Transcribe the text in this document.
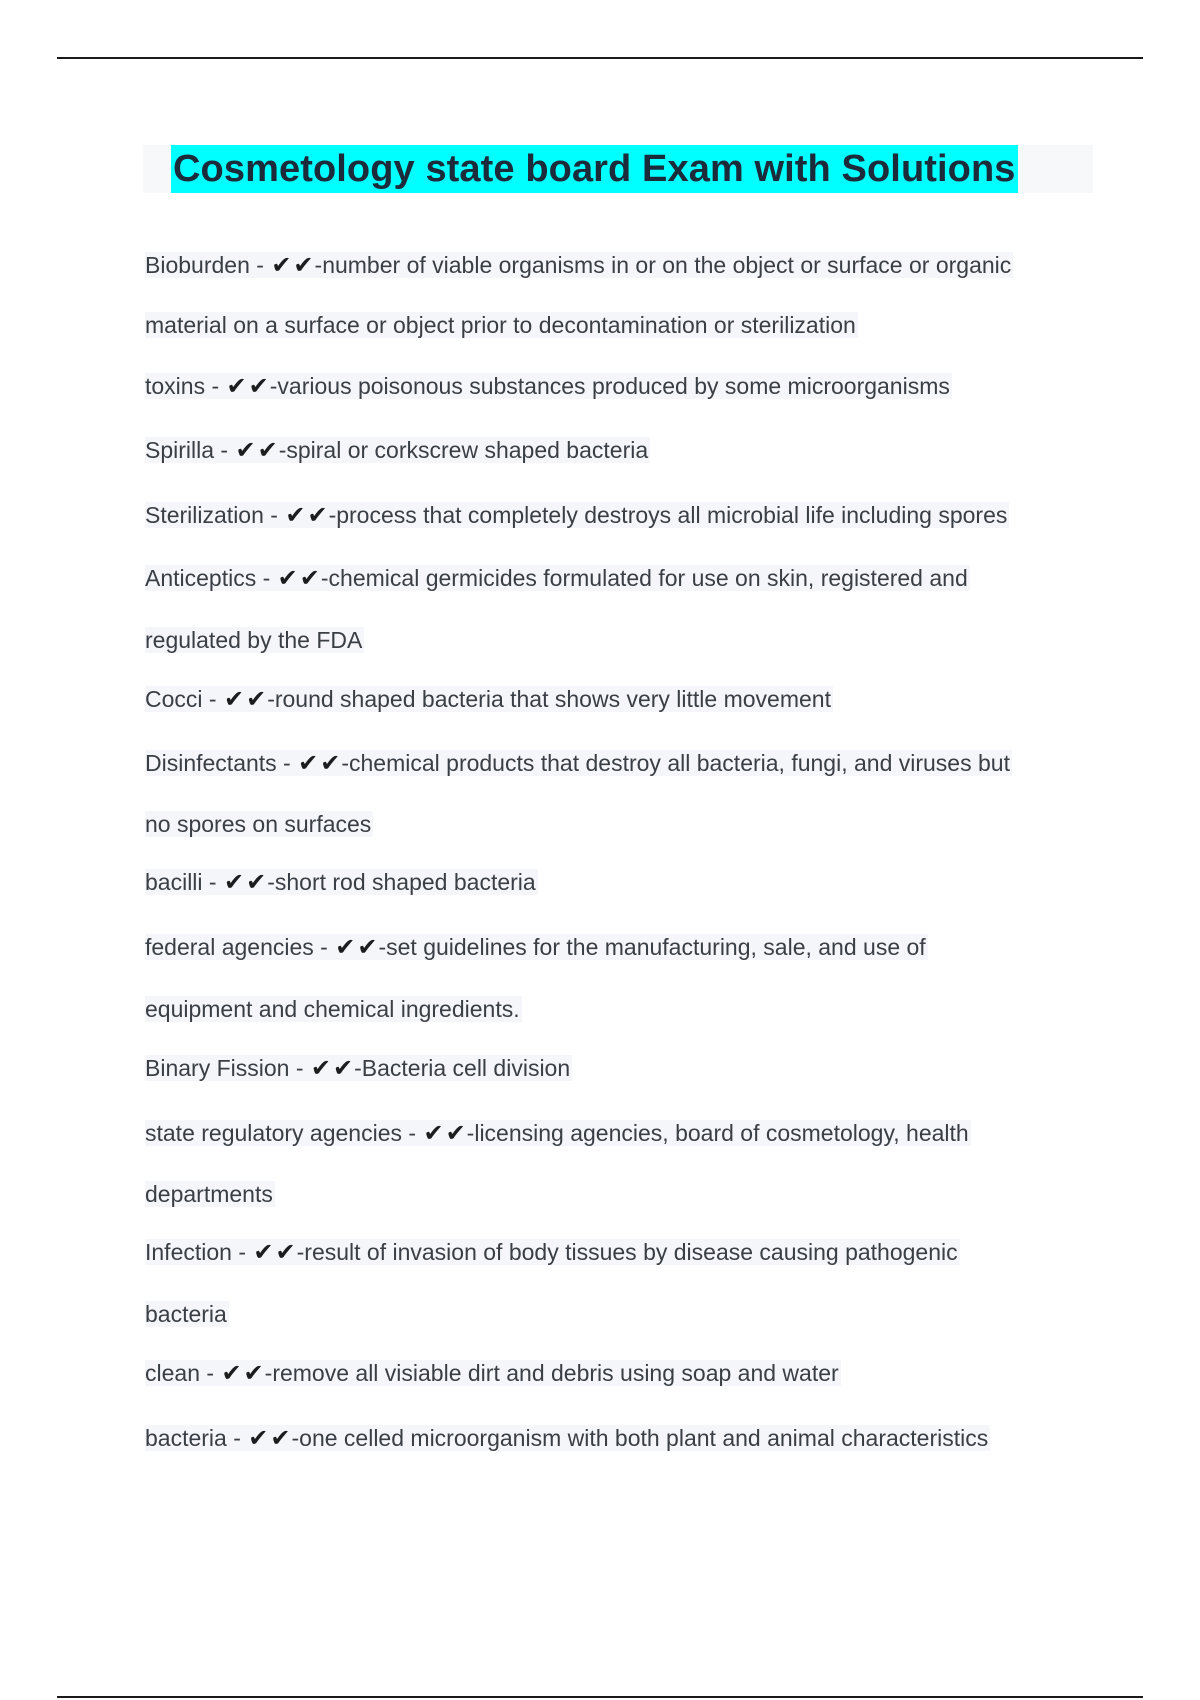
Cosmetology state board Exam with Solutions
Bioburden - ✔✔-number of viable organisms in or on the object or surface or organic
material on a surface or object prior to decontamination or sterilization
toxins - ✔✔-various poisonous substances produced by some microorganisms
Spirilla - ✔✔-spiral or corkscrew shaped bacteria
Sterilization - ✔✔-process that completely destroys all microbial life including spores
Anticeptics - ✔✔-chemical germicides formulated for use on skin, registered and
regulated by the FDA
Cocci - ✔✔-round shaped bacteria that shows very little movement
Disinfectants - ✔✔-chemical products that destroy all bacteria, fungi, and viruses but
no spores on surfaces
bacilli - ✔✔-short rod shaped bacteria
federal agencies - ✔✔-set guidelines for the manufacturing, sale, and use of
equipment and chemical ingredients.
Binary Fission - ✔✔-Bacteria cell division
state regulatory agencies - ✔✔-licensing agencies, board of cosmetology, health
departments
Infection - ✔✔-result of invasion of body tissues by disease causing pathogenic
bacteria
clean - ✔✔-remove all visiable dirt and debris using soap and water
bacteria - ✔✔-one celled microorganism with both plant and animal characteristics
